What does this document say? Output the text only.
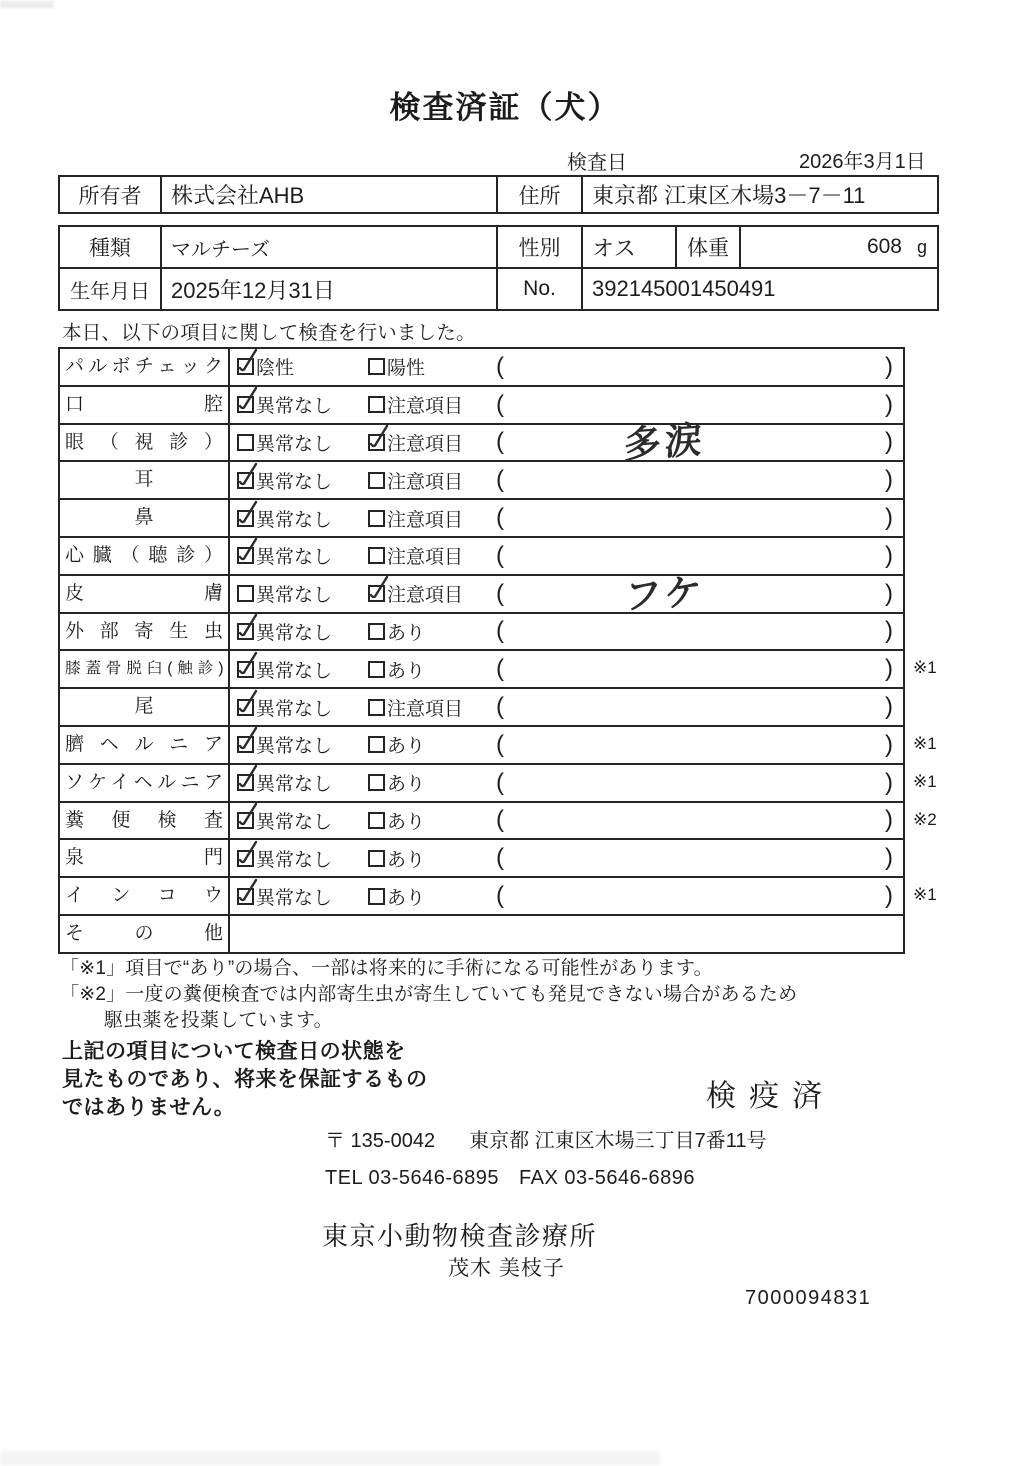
検査済証（犬）
検査日	2026年3月1日
所有者	株式会社AHB	住所	東京都 江東区木場3－7－11
種類	マルチーズ	性別	オス	体重	608 g
生年月日 2025年12月31日	No.	392145001450491
本日、以下の項目に関して検査を行いました。
パルボチェック	陰性	陽性	(	)
口腔	異常なし	注意項目 (	)
眼（視診）	異常なし	注意項目 (	多涙	)
耳	異常なし	注意項目 (	)
鼻	異常なし	注意項目 (	)
心臓（聴診）	異常なし	注意項目 (	)
皮膚	異常なし	注意項目 (	フケ	)
外部寄生虫	異常なし	あり	(	)
膝蓋骨脱臼(触診)	異常なし	あり	(	) ※1
尾	異常なし	注意項目 (	)
臍ヘルニア	異常なし	あり	(	) ※1
ソケイヘルニア	異常なし	あり	(	) ※1
糞便検査	異常なし	あり	(	) ※2
泉門	異常なし	あり	(	)
インコウ	異常なし	あり	(	) ※1
その他
「※1」項目で“あり”の場合、一部は将来的に手術になる可能性があります。
「※2」一度の糞便検査では内部寄生虫が寄生していても発見できない場合があるため
駆虫薬を投薬しています。
上記の項目について検査日の状態を
見たものであり、将来を保証するもの
ではありません。	検疫済
〒 135-0042 東京都 江東区木場三丁目7番11号
TEL 03-5646-6895 FAX 03-5646-6896
東京小動物検査診療所
茂木 美枝子
7000094831
